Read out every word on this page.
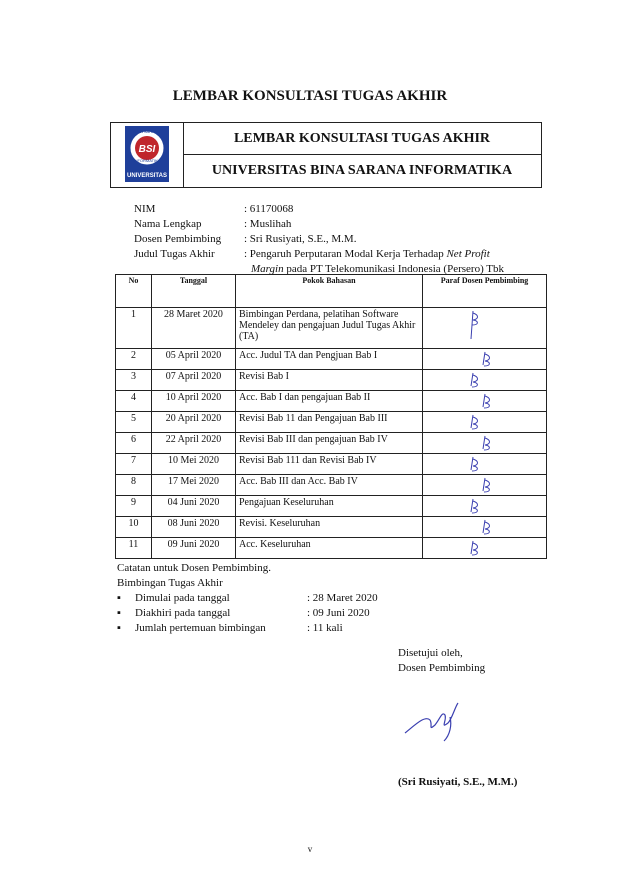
LEMBAR KONSULTASI TUGAS AKHIR
BSI
BINA SARANA
INFORMATIKA
UNIVERSITAS
LEMBAR KONSULTASI TUGAS AKHIR
UNIVERSITAS BINA SARANA INFORMATIKA
NIM	: 61170068
Nama Lengkap	: Muslihah
Dosen Pembimbing	: Sri Rusiyati, S.E., M.M.
Judul Tugas Akhir	: Pengaruh Perputaran Modal Kerja Terhadap Net Profit
Margin pada PT Telekomunikasi Indonesia (Persero) Tbk
No	Tanggal	Pokok Bahasan	Paraf Dosen Pembimbing
1	28 Maret 2020	Bimbingan Perdana, pelatihan Software Mendeley dan pengajuan Judul Tugas Akhir (TA)	

2	05 April 2020	Acc. Judul TA dan Pengjuan Bab I	

3	07 April 2020	Revisi Bab I	

4	10 April 2020	Acc. Bab I dan pengajuan Bab II	

5	20 April 2020	Revisi Bab 11 dan Pengajuan Bab III	

6	22 April 2020	Revisi Bab III dan pengajuan Bab IV	

7	10 Mei 2020	Revisi Bab 111 dan Revisi Bab IV	

8	17 Mei 2020	Acc. Bab III dan Acc. Bab IV	

9	04 Juni 2020	Pengajuan Keseluruhan	

10	08 Juni 2020	Revisi. Keseluruhan	

11	09 Juni 2020	Acc. Keseluruhan	
Catatan untuk Dosen Pembimbing.
Bimbingan Tugas Akhir
▪ Dimulai pada tanggal	: 28 Maret 2020
▪ Diakhiri pada tanggal	: 09 Juni 2020
▪ Jumlah pertemuan bimbingan	: 11 kali
Disetujui oleh,
Dosen Pembimbing
(Sri Rusiyati, S.E., M.M.)
v
